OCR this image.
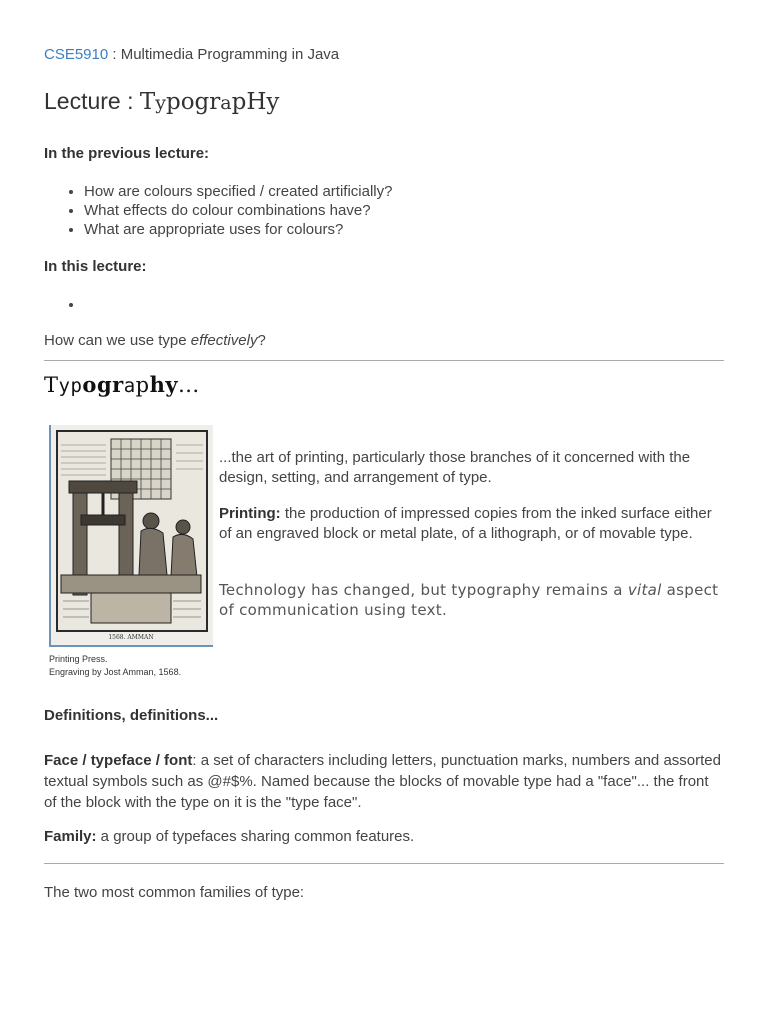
CSE5910 : Multimedia Programming in Java
Lecture : TypograpHy
In the previous lecture:
• How are colours specified / created artificially?
• What effects do colour combinations have?
• What are appropriate uses for colours?
In this lecture:
How can we use type effectively?
Typography...
1568. AMMAN
Printing Press.
Engraving by Jost Amman, 1568.

...the art of printing, particularly those branches of it concerned with the design, setting, and arrangement of type.

Printing: the production of impressed copies from the inked surface either of an engraved block or metal plate, of a lithograph, or of movable type.

Technology has changed, but typography remains a vital aspect of communication using text.

Definitions, definitions...

Face / typeface / font: a set of characters including letters, punctuation marks, numbers and assorted textual symbols such as @#$%. Named because the blocks of movable type had a "face"... the front of the block with the type on it is the "type face".

Family: a group of typefaces sharing common features.

The two most common families of type:
